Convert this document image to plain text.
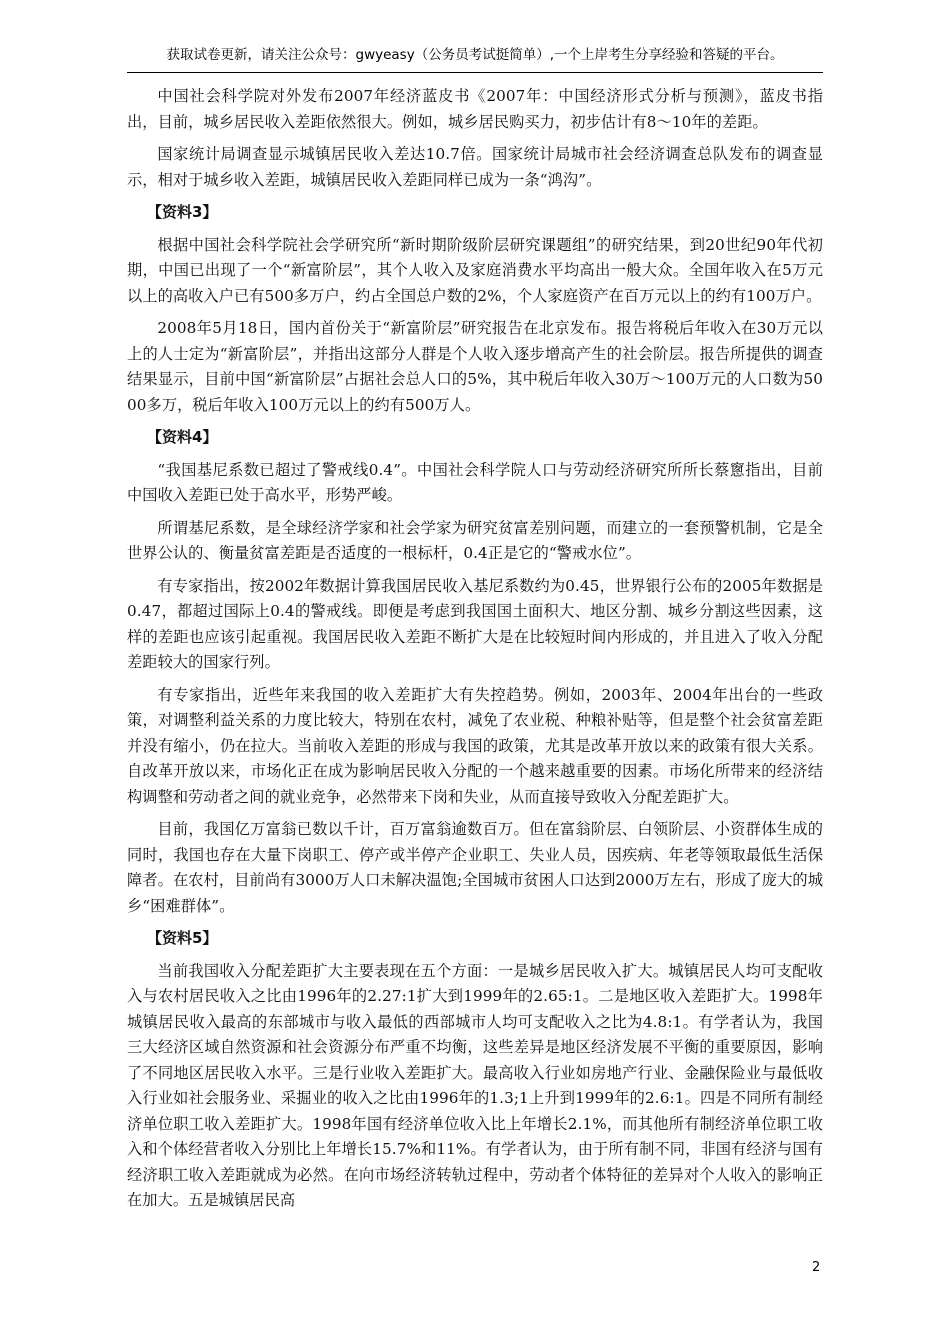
获取试卷更新，请关注公众号：gwyeasy（公务员考试挺简单）,一个上岸考生分享经验和答疑的平台。

中国社会科学院对外发布2007年经济蓝皮书《2007年：中国经济形式分析与预测》，蓝皮书指出，目前，城乡居民收入差距依然很大。例如，城乡居民购买力，初步估计有8～10年的差距。

国家统计局调查显示城镇居民收入差达10.7倍。国家统计局城市社会经济调查总队发布的调查显示，相对于城乡收入差距，城镇居民收入差距同样已成为一条“鸿沟”。

【资料3】

根据中国社会科学院社会学研究所“新时期阶级阶层研究课题组”的研究结果，到20世纪90年代初期，中国已出现了一个“新富阶层”，其个人收入及家庭消费水平均高出一般大众。全国年收入在5万元以上的高收入户已有500多万户，约占全国总户数的2%，个人家庭资产在百万元以上的约有100万户。

2008年5月18日，国内首份关于“新富阶层”研究报告在北京发布。报告将税后年收入在30万元以上的人士定为“新富阶层”，并指出这部分人群是个人收入逐步增高产生的社会阶层。报告所提供的调查结果显示，目前中国“新富阶层”占据社会总人口的5%，其中税后年收入30万～100万元的人口数为5000多万，税后年收入100万元以上的约有500万人。

【资料4】

“我国基尼系数已超过了警戒线0.4”。中国社会科学院人口与劳动经济研究所所长蔡窻指出，目前中国收入差距已处于高水平，形势严峻。

所谓基尼系数，是全球经济学家和社会学家为研究贫富差别问题，而建立的一套预警机制，它是全世界公认的、衡量贫富差距是否适度的一根标杆，0.4正是它的“警戒水位”。

有专家指出，按2002年数据计算我国居民收入基尼系数约为0.45，世界银行公布的2005年数据是0.47，都超过国际上0.4的警戒线。即便是考虑到我国国土面积大、地区分割、城乡分割这些因素，这样的差距也应该引起重视。我国居民收入差距不断扩大是在比较短时间内形成的，并且进入了收入分配差距较大的国家行列。

有专家指出，近些年来我国的收入差距扩大有失控趋势。例如，2003年、2004年出台的一些政策，对调整利益关系的力度比较大，特别在农村，减免了农业税、种粮补贴等，但是整个社会贫富差距并没有缩小，仍在拉大。当前收入差距的形成与我国的政策，尤其是改革开放以来的政策有很大关系。自改革开放以来，市场化正在成为影响居民收入分配的一个越来越重要的因素。市场化所带来的经济结构调整和劳动者之间的就业竞争，必然带来下岗和失业，从而直接导致收入分配差距扩大。

目前，我国亿万富翁已数以千计，百万富翁逾数百万。但在富翁阶层、白领阶层、小资群体生成的同时，我国也存在大量下岗职工、停产或半停产企业职工、失业人员，因疾病、年老等领取最低生活保障者。在农村，目前尚有3000万人口未解决温饱;全国城市贫困人口达到2000万左右，形成了庞大的城乡“困难群体”。

【资料5】

当前我国收入分配差距扩大主要表现在五个方面：一是城乡居民收入扩大。城镇居民人均可支配收入与农村居民收入之比由1996年的2.27:1扩大到1999年的2.65:1。二是地区收入差距扩大。1998年城镇居民收入最高的东部城市与收入最低的西部城市人均可支配收入之比为4.8:1。有学者认为，我国三大经济区域自然资源和社会资源分布严重不均衡，这些差异是地区经济发展不平衡的重要原因，影响了不同地区居民收入水平。三是行业收入差距扩大。最高收入行业如房地产行业、金融保险业与最低收入行业如社会服务业、采掘业的收入之比由1996年的1.3;1上升到1999年的2.6:1。四是不同所有制经济单位职工收入差距扩大。1998年国有经济单位收入比上年增长2.1%，而其他所有制经济单位职工收入和个体经营者收入分别比上年增长15.7%和11%。有学者认为，由于所有制不同，非国有经济与国有经济职工收入差距就成为必然。在向市场经济转轨过程中，劳动者个体特征的差异对个人收入的影响正在加大。五是城镇居民高

2
